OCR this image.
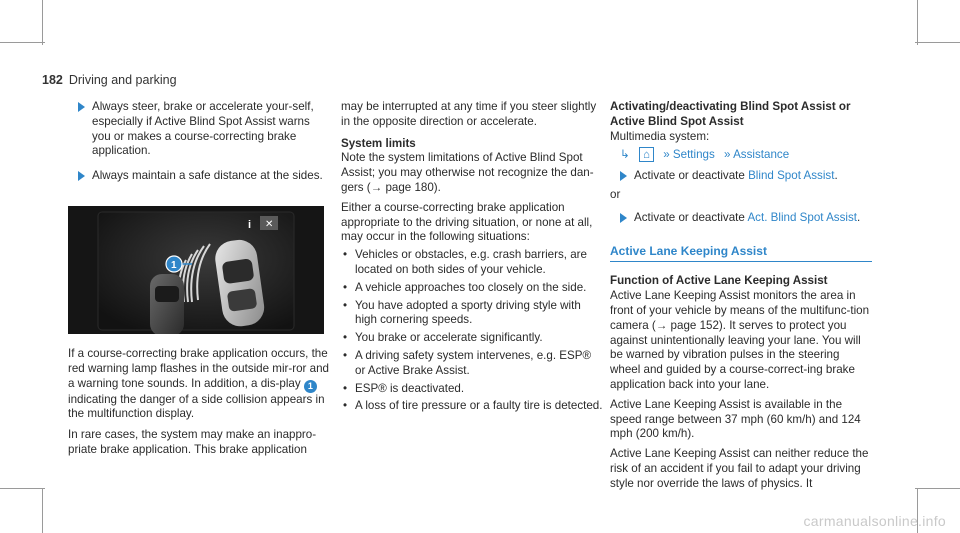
182 Driving and parking
Always steer, brake or accelerate your-self, especially if Active Blind Spot Assist warns you or makes a course-correcting brake application.
Always maintain a safe distance at the sides.
i ✕
1

If a course-correcting brake application occurs, the red warning lamp flashes in the outside mir-ror and a warning tone sounds. In addition, a dis-play 1 indicating the danger of a side collision appears in the multifunction display.

In rare cases, the system may make an inappro-priate brake application. This brake application

may be interrupted at any time if you steer slightly in the opposite direction or accelerate.

System limits

Note the system limitations of Active Blind Spot Assist; you may otherwise not recognize the dan-gers (→ page 180).

Either a course-correcting brake application appropriate to the driving situation, or none at all, may occur in the following situations:

• Vehicles or obstacles, e.g. crash barriers, are located on both sides of your vehicle.
• A vehicle approaches too closely on the side.
• You have adopted a sporty driving style with high cornering speeds.
• You brake or accelerate significantly.
• A driving safety system intervenes, e.g. ESP® or Active Brake Assist.
• ESP® is deactivated.
• A loss of tire pressure or a faulty tire is detected.
Activating/deactivating Blind Spot Assist or Active Blind Spot Assist
Multimedia system:
↳ ⌂ » Settings » Assistance
Activate or deactivate Blind Spot Assist.
or
Activate or deactivate Act. Blind Spot Assist.
Active Lane Keeping Assist
Function of Active Lane Keeping Assist

Active Lane Keeping Assist monitors the area in front of your vehicle by means of the multifunc-tion camera (→ page 152). It serves to protect you against unintentionally leaving your lane. You will be warned by vibration pulses in the steering wheel and guided by a course-correct-ing brake application back into your lane.

Active Lane Keeping Assist is available in the speed range between 37 mph (60 km/h) and 124 mph (200 km/h).

Active Lane Keeping Assist can neither reduce the risk of an accident if you fail to adapt your driving style nor override the laws of physics. It

carmanualsonline.info
